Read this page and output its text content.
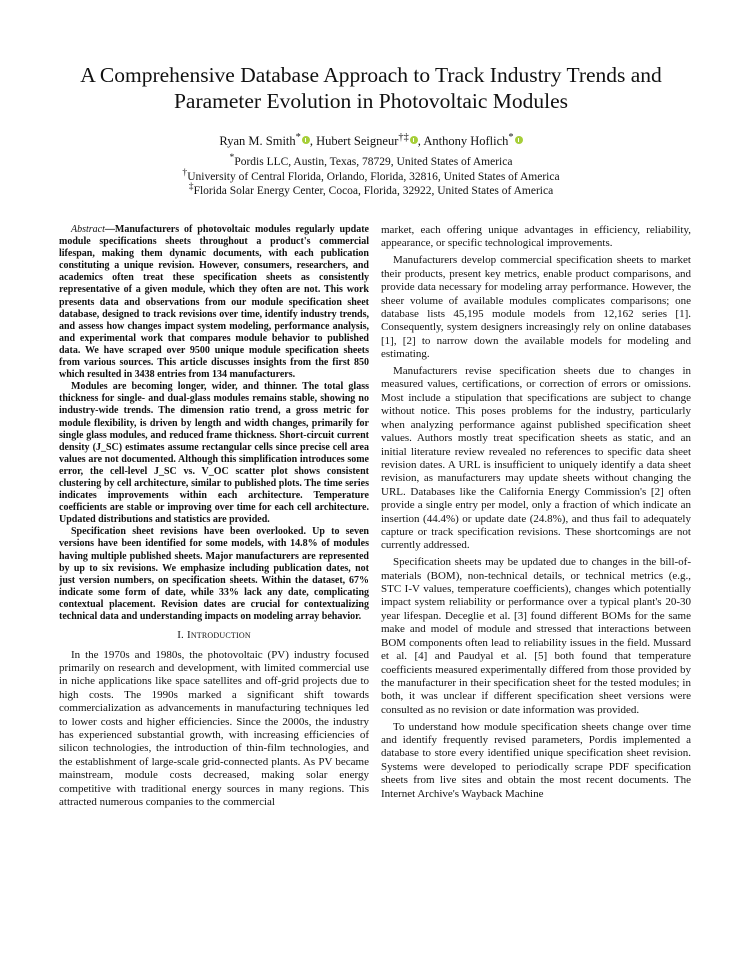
A Comprehensive Database Approach to Track Industry Trends and Parameter Evolution in Photovoltaic Modules
Ryan M. Smith* , Hubert Seigneur†‡ , Anthony Hoflich*
*Pordis LLC, Austin, Texas, 78729, United States of America
†University of Central Florida, Orlando, Florida, 32816, United States of America
‡Florida Solar Energy Center, Cocoa, Florida, 32922, United States of America

Abstract—Manufacturers of photovoltaic modules regularly update module specifications sheets throughout a product's commercial lifespan, making them dynamic documents, with each publication constituting a unique revision. However, consumers, researchers, and academics often treat these specification sheets as consistently representative of a given module, which they often are not. This work presents data and observations from our module specification sheet database, designed to track revisions over time, identify industry trends, and assess how changes impact system modeling, performance analysis, and experimental work that compares module behavior to published data. We have scraped over 9500 unique module specification sheets from various sources. This article discusses insights from the first 850 which resulted in 3438 entries from 134 manufacturers.

Modules are becoming longer, wider, and thinner. The total glass thickness for single- and dual-glass modules remains stable, showing no industry-wide trends. The dimension ratio trend, a gross metric for module flexibility, is driven by length and width changes, primarily for single glass modules, and reduced frame thickness. Short-circuit current density (J_SC) estimates assume rectangular cells since precise cell area values are not documented. Although this simplification introduces some error, the cell-level J_SC vs. V_OC scatter plot shows consistent clustering by cell architecture, similar to published plots. The time series indicates improvements within each architecture. Temperature coefficients are stable or improving over time for each cell architecture. Updated distributions and statistics are provided.

Specification sheet revisions have been overlooked. Up to seven versions have been identified for some models, with 14.8% of modules having multiple published sheets. Major manufacturers are represented by up to six revisions. We emphasize including publication dates, not just version numbers, on specification sheets. Within the dataset, 67% indicate some form of date, while 33% lack any date, complicating contextual placement. Revision dates are crucial for contextualizing technical data and understanding impacts on modeling array behavior.

I. Introduction

In the 1970s and 1980s, the photovoltaic (PV) industry focused primarily on research and development, with limited commercial use in niche applications like space satellites and off-grid projects due to high costs. The 1990s marked a significant shift towards commercialization as advancements in manufacturing techniques led to lower costs and higher efficiencies. Since the 2000s, the industry has experienced substantial growth, with increasing efficiencies of silicon technologies, the introduction of thin-film technologies, and the establishment of large-scale grid-connected plants. As PV became mainstream, module costs decreased, making solar energy competitive with traditional energy sources in many regions. This attracted numerous companies to the commercial

market, each offering unique advantages in efficiency, reliability, appearance, or specific technological improvements.

Manufacturers develop commercial specification sheets to market their products, present key metrics, enable product comparisons, and provide data necessary for modeling array performance. However, the sheer volume of available modules complicates comparisons; one database lists 45,195 module models from 12,162 series [1]. Consequently, system designers increasingly rely on online databases [1], [2] to narrow down the available models for modeling and estimating.

Manufacturers revise specification sheets due to changes in measured values, certifications, or correction of errors or omissions. Most include a stipulation that specifications are subject to change without notice. This poses problems for the industry, particularly when analyzing performance against published specification sheet values. Authors mostly treat specification sheets as static, and an initial literature review revealed no references to specific data sheet revision dates. A URL is insufficient to uniquely identify a data sheet revision, as manufacturers may update sheets without changing the URL. Databases like the California Energy Commission's [2] often provide a single entry per model, only a fraction of which indicate an insertion (44.4%) or update date (24.8%), and thus fail to adequately capture or track specification revisions. These shortcomings are not currently addressed.

Specification sheets may be updated due to changes in the bill-of-materials (BOM), non-technical details, or technical metrics (e.g., STC I-V values, temperature coefficients), changes which potentially impact system reliability or performance over a typical plant's 20-30 year lifespan. Deceglie et al. [3] found different BOMs for the same make and model of module and stressed that interactions between BOM components often lead to reliability issues in the field. Mussard et al. [4] and Paudyal et al. [5] both found that temperature coefficients measured experimentally differed from those provided by the manufacturer in their specification sheet for the tested modules; in both, it was unclear if different specification sheet versions were consulted as no revision or date information was provided.

To understand how module specification sheets change over time and identify frequently revised parameters, Pordis implemented a database to store every identified unique specification sheet revision. Systems were developed to periodically scrape PDF specification sheets from live sites and obtain the most recent documents. The Internet Archive's Wayback Machine
